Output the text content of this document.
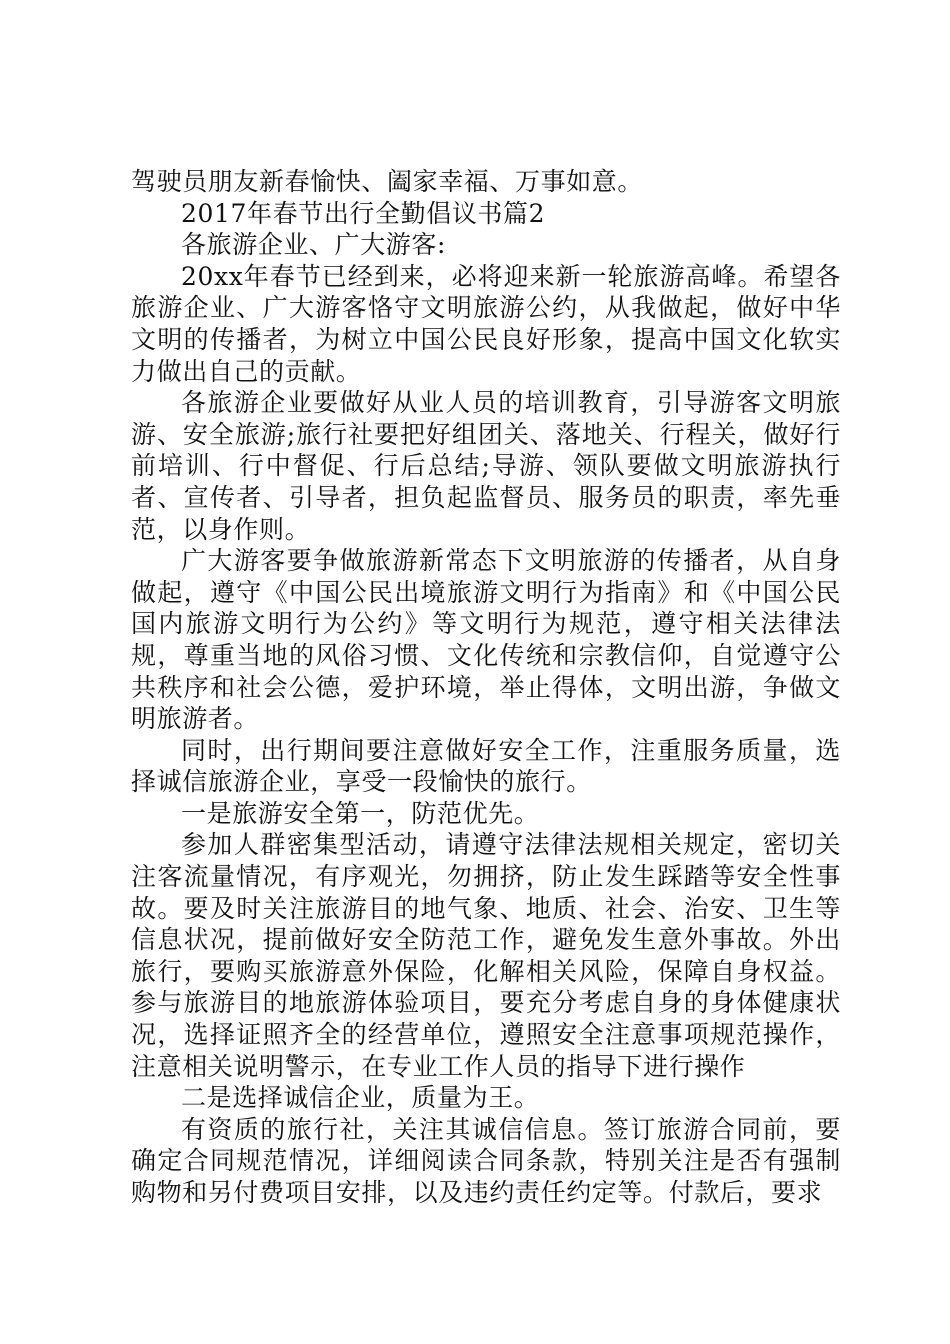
驾驶员朋友新春愉快、阖家幸福、万事如意。

2017年春节出行全勤倡议书篇2

各旅游企业、广大游客:

20xx年春节已经到来，必将迎来新一轮旅游高峰。希望各旅游企业、广大游客恪守文明旅游公约，从我做起，做好中华文明的传播者，为树立中国公民良好形象，提高中国文化软实力做出自己的贡献。

各旅游企业要做好从业人员的培训教育，引导游客文明旅游、安全旅游;旅行社要把好组团关、落地关、行程关，做好行前培训、行中督促、行后总结;导游、领队要做文明旅游执行者、宣传者、引导者，担负起监督员、服务员的职责，率先垂范，以身作则。

广大游客要争做旅游新常态下文明旅游的传播者，从自身做起，遵守《中国公民出境旅游文明行为指南》和《中国公民国内旅游文明行为公约》等文明行为规范，遵守相关法律法规，尊重当地的风俗习惯、文化传统和宗教信仰，自觉遵守公共秩序和社会公德，爱护环境，举止得体，文明出游，争做文明旅游者。

同时，出行期间要注意做好安全工作，注重服务质量，选择诚信旅游企业，享受一段愉快的旅行。

一是旅游安全第一，防范优先。

参加人群密集型活动，请遵守法律法规相关规定，密切关注客流量情况，有序观光，勿拥挤，防止发生踩踏等安全性事故。要及时关注旅游目的地气象、地质、社会、治安、卫生等信息状况，提前做好安全防范工作，避免发生意外事故。外出旅行，要购买旅游意外保险，化解相关风险，保障自身权益。参与旅游目的地旅游体验项目，要充分考虑自身的身体健康状况，选择证照齐全的经营单位，遵照安全注意事项规范操作，注意相关说明警示，在专业工作人员的指导下进行操作

二是选择诚信企业，质量为王。

有资质的旅行社，关注其诚信信息。签订旅游合同前，要确定合同规范情况，详细阅读合同条款，特别关注是否有强制购物和另付费项目安排，以及违约责任约定等。付款后，要求
